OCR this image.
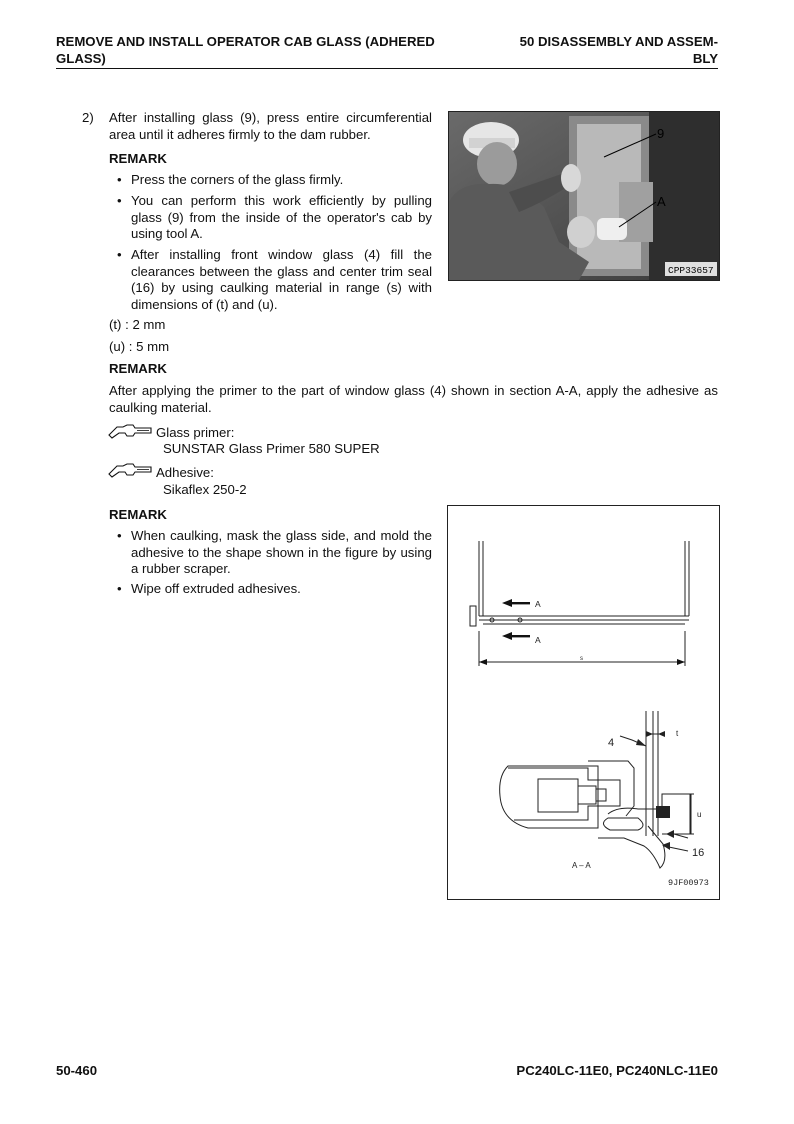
REMOVE AND INSTALL OPERATOR CAB GLASS (ADHERED GLASS)
50 DISASSEMBLY AND ASSEM-
BLY
2) After installing glass (9), press entire circumferential area until it adheres firmly to the dam rubber.
REMARK
• Press the corners of the glass firmly.
• You can perform this work efficiently by pulling glass (9) from the inside of the operator's cab by using tool A.
• After installing front window glass (4) fill the clearances between the glass and center trim seal (16) by using caulking material in range (s) with dimensions of (t) and (u).
(t) : 2 mm
(u) : 5 mm
REMARK
After applying the primer to the part of window glass (4) shown in section A-A, apply the adhesive as caulking material.
Glass primer:
SUNSTAR Glass Primer 580 SUPER
Adhesive:
Sikaflex 250-2
REMARK
• When caulking, mask the glass side, and mold the adhesive to the shape shown in the figure by using a rubber scraper.
• Wipe off extruded adhesives.
9
A
CPP33657
A
A
s
4
t
u
16
A – A
9JF00973
50-460	PC240LC-11E0, PC240NLC-11E0
